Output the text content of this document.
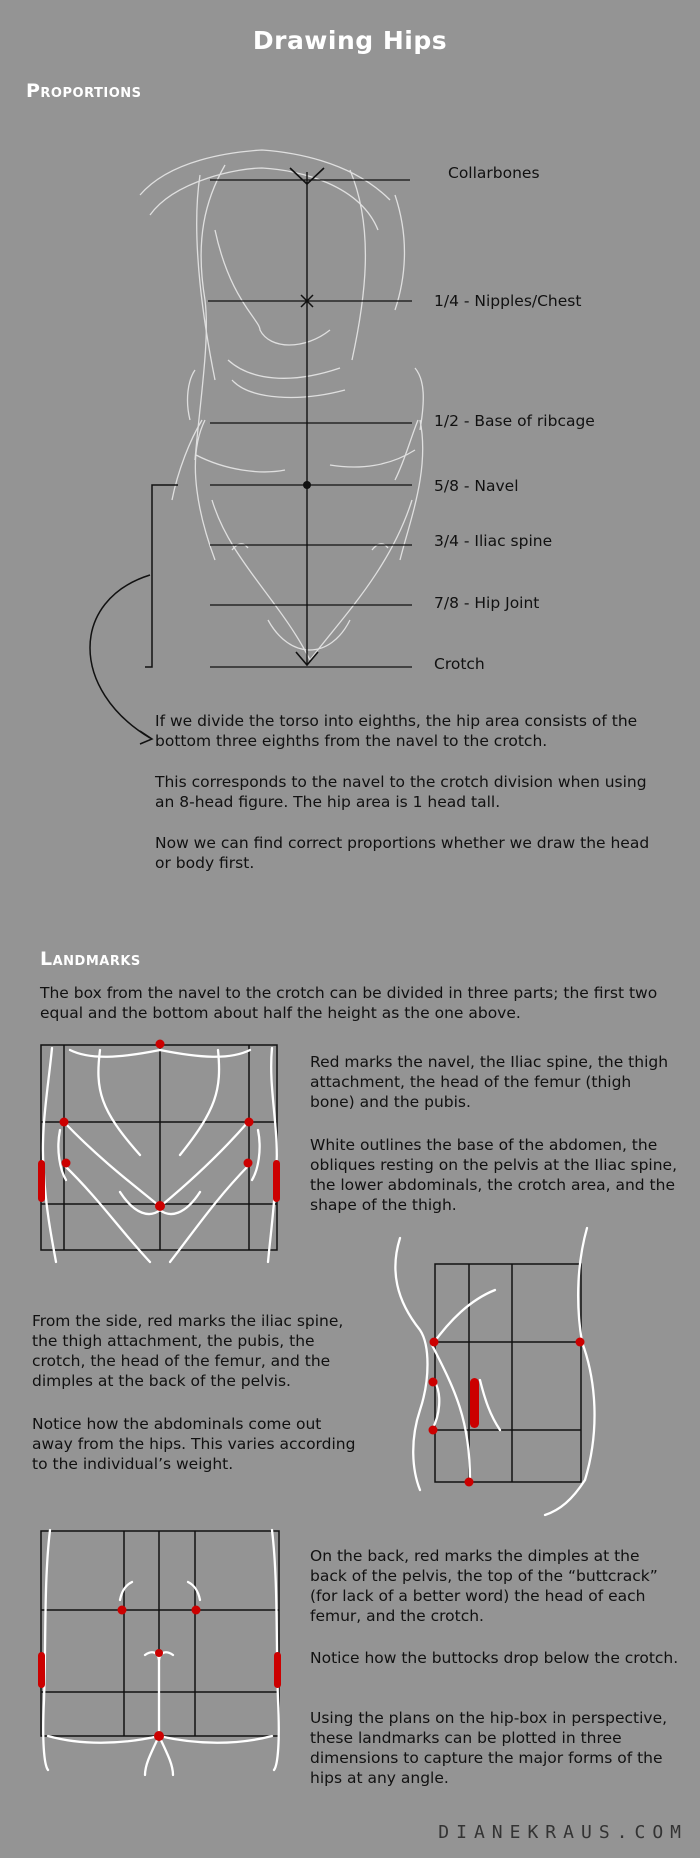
Drawing Hips
Proportions
Collarbones
1/4 - Nipples/Chest
1/2 - Base of ribcage
5/8 - Navel
3/4 - Iliac spine
7/8 - Hip Joint
Crotch

If we divide the torso into eighths, the hip area consists of the bottom three eighths from the navel to the crotch.

This corresponds to the navel to the crotch division when using an 8-head figure. The hip area is 1 head tall.

Now we can find correct proportions whether we draw the head or body first.

Landmarks

The box from the navel to the crotch can be divided in three parts; the first two equal and the bottom about half the height as the one above.

Red marks the navel, the Iliac spine, the thigh attachment, the head of the femur (thigh bone) and the pubis.

White outlines the base of the abdomen, the obliques resting on the pelvis at the Iliac spine, the lower abdominals, the crotch area, and the shape of the thigh.

From the side, red marks the iliac spine, the thigh attachment, the pubis, the crotch, the head of the femur, and the dimples at the back of the pelvis.

Notice how the abdominals come out away from the hips. This varies according to the individual’s weight.

On the back, red marks the dimples at the back of the pelvis, the top of the “buttcrack” (for lack of a better word) the head of each femur, and the crotch.

Notice how the buttocks drop below the crotch.

Using the plans on the hip-box in perspective, these landmarks can be plotted in three dimensions to capture the major forms of the hips at any angle.

DIANEKRAUS.COM
